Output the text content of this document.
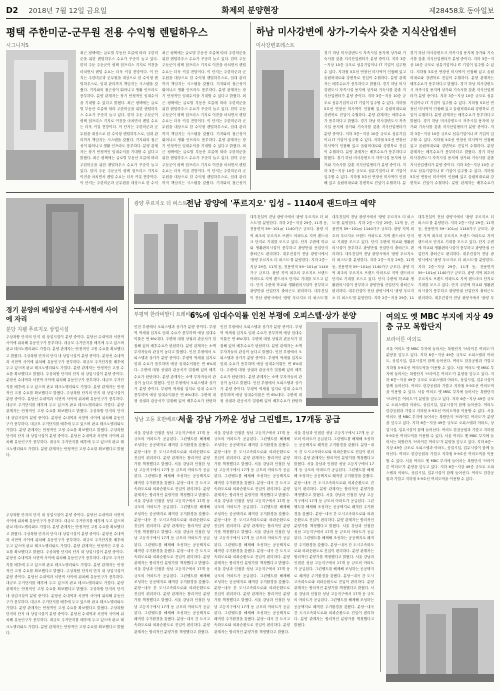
D2 2018년 7월 12일 금요일	화제의 분양현장	제28458호 동아일보
평택 주한미군-군무원 전용 수익형 렌털하우스
시그니처S
최근 평택에는 글로벌 부동산 흐름에 따라 주한미군을 위한 렌털하우스 수요가 꾸준히 늘고 있다. 한미 주둔 주둔군이 평택 험프리스 기지로 이전을 마치면서 렌털 수요는 더욱 커질 전망이다. 이 단지는 주한미군과 군무원을 대상으로 한 수익형 렌털하우스로, 임대 관리까지 책임지는 시스템을 갖췄다. 기지와의 접근성이 뛰어나고 생활 인프라도 풍부하다. 분양 관계자는 장기 안정적인 임대수익을 기대할 수 있다고 밝혔다. 최근 평택에는 글로벌 부동산 흐름에 따라 주한미군을 위한 렌털하우스 수요가 꾸준히 늘고 있다. 한미 주둔 주둔군이 평택 험프리스 기지로 이전을 마치면서 렌털 수요는 더욱 커질 전망이다. 이 단지는 주한미군과 군무원을 대상으로 한 수익형 렌털하우스로, 임대 관리까지 책임지는 시스템을 갖췄다. 기지와의 접근성이 뛰어나고 생활 인프라도 풍부하다. 분양 관계자는 장기 안정적인 임대수익을 기대할 수 있다고 밝혔다. 최근 평택에는 글로벌 부동산 흐름에 따라 주한미군을 위한 렌털하우스 수요가 꾸준히 늘고 있다. 한미 주둔 주둔군이 평택 험프리스 기지로 이전을 마치면서 렌털 수요는 더욱 커질 전망이다. 이 단지는 주한미군과 군무원을 대상으로 한 수익
최근 평택에는 글로벌 부동산 흐름에 따라 주한미군을 위한 렌털하우스 수요가 꾸준히 늘고 있다. 한미 주둔 주둔군이 평택 험프리스 기지로 이전을 마치면서 렌털 수요는 더욱 커질 전망이다. 이 단지는 주한미군과 군무원을 대상으로 한 수익형 렌털하우스로, 임대 관리까지 책임지는 시스템을 갖췄다. 기지와의 접근성이 뛰어나고 생활 인프라도 풍부하다. 분양 관계자는 장기 안정적인 임대수익을 기대할 수 있다고 밝혔다. 최근 평택에는 글로벌 부동산 흐름에 따라 주한미군을 위한 렌털하우스 수요가 꾸준히 늘고 있다. 한미 주둔 주둔군이 평택 험프리스 기지로 이전을 마치면서 렌털 수요는 더욱 커질 전망이다. 이 단지는 주한미군과 군무원을 대상으로 한 수익형 렌털하우스로, 임대 관리까지 책임지는 시스템을 갖췄다. 기지와의 접근성이 뛰어나고 생활 인프라도 풍부하다. 분양 관계자는 장기 안정적인 임대수익을 기대할 수 있다고 밝혔다. 최근 평택에는 글로벌 부동산 흐름에 따라 주한미군을 위한 렌털하우스 수요가 꾸준히 늘고 있다. 한미 주둔 주둔군이 평택 험프리스 기지로 이전을 마치면서 렌털 수요는 더욱 커질 전망이다. 이 단지는 주한미군과 군무원을 대상으로 한 수익형 렌털하우스로, 임대 관리까지 책임지는 시스템을 갖췄다. 기지와의 접근성이
하남 미사강변에 상가-기숙사 갖춘 지식산업센터
미사강변포레스트
경기 하남 미사강변도시 자족시설 용지에 상가와 기숙사를 갖춘 지식산업센터가 분양 중이다. 지하 3층~지상 10층 규모로 섬유기업이나 IT 기업이 입주할 수 있다. 지하철 5호선 연장선 미사역이 인접해 있고 올림픽대로와 강변북로 진입이 수월하다. 분양 관계자는 배후수요가 풍부하다고 밝혔다. 경기 하남 미사강변도시 자족시설 용지에 상가와 기숙사를 갖춘 지식산업센터가 분양 중이다. 지하 3층~지상 10층 규모로 섬유기업이나 IT 기업이 입주할 수 있다. 지하철 5호선 연장선 미사역이 인접해 있고 올림픽대로와 강변북로 진입이 수월하다. 분양 관계자는 배후수요가 풍부하다고 밝혔다. 경기 하남 미사강변도시 자족시설 용지에 상가와 기숙사를 갖춘 지식산업센터가 분양 중이다. 지하 3층~지상 10층 규모로 섬유기업이나 IT 기업이 입주할 수 있다. 지하철 5호선 연장선 미사역이 인접해 있고 올림픽대로와 강변북로 진입이 수월하다. 분양 관계자는 배후수요가 풍부하다고 밝혔다. 경기 하남 미사강변도시 자족시설 용지에 상가와 기숙사를 갖춘 지식산업센터가 분양 중이다. 지하 3층~지상 10층 규모로 섬유기업이나 IT 기업이 입주할 수 있다. 지하철 5호선 연장선 미사역이 인접해 있고 올림픽대로와 강변북로 진입이 수월하다. 분
경기 하남 미사강변도시 자족시설 용지에 상가와 기숙사를 갖춘 지식산업센터가 분양 중이다. 지하 3층~지상 10층 규모로 섬유기업이나 IT 기업이 입주할 수 있다. 지하철 5호선 연장선 미사역이 인접해 있고 올림픽대로와 강변북로 진입이 수월하다. 분양 관계자는 배후수요가 풍부하다고 밝혔다. 경기 하남 미사강변도시 자족시설 용지에 상가와 기숙사를 갖춘 지식산업센터가 분양 중이다. 지하 3층~지상 10층 규모로 섬유기업이나 IT 기업이 입주할 수 있다. 지하철 5호선 연장선 미사역이 인접해 있고 올림픽대로와 강변북로 진입이 수월하다. 분양 관계자는 배후수요가 풍부하다고 밝혔다. 경기 하남 미사강변도시 자족시설 용지에 상가와 기숙사를 갖춘 지식산업센터가 분양 중이다. 지하 3층~지상 10층 규모로 섬유기업이나 IT 기업이 입주할 수 있다. 지하철 5호선 연장선 미사역이 인접해 있고 올림픽대로와 강변북로 진입이 수월하다. 분양 관계자는 배후수요가 풍부하다고 밝혔다. 경기 하남 미사강변도시 자족시설 용지에 상가와 기숙사를 갖춘 지식산업센터가 분양 중이다. 지하 3층~지상 10층 규모로 섬유기업이나 IT 기업이 입주할 수 있다. 지하철 5호선 연장선 미사역이 인접해 있고 올림픽대로와 강변북로 진입이 수월하다. 분양 관계자는 배후수요가
경기 분양의 베일상권 수내·서현에 사이에 자리
분당 지웰 푸르지오 상업시설
주상복합 단지의 단지 내 상업시설이 분양 중이다. 분당선 수내역과 서현역 사이에 위치해 유동인구가 풍부하다. 대규모 주거단지를 배후에 두고 있으며 판교 테크노밸리와도 가깝다. 분양 관계자는 안정적인 고정 수요를 확보했다고 밝혔다. 주상복합 단지의 단지 내 상업시설이 분양 중이다. 분당선 수내역과 서현역 사이에 위치해 유동인구가 풍부하다. 대규모 주거단지를 배후에 두고 있으며 판교 테크노밸리와도 가깝다. 분양 관계자는 안정적인 고정 수요를 확보했다고 밝혔다. 주상복합 단지의 단지 내 상업시설이 분양 중이다. 분당선 수내역과 서현역 사이에 위치해 유동인구가 풍부하다. 대규모 주거단지를 배후에 두고 있으며 판교 테크노밸리와도 가깝다. 분양 관계자는 안정적인 고정 수요를 확보했다고 밝혔다. 주상복합 단지의 단지 내 상업시설이 분양 중이다. 분당선 수내역과 서현역 사이에 위치해 유동인구가 풍부하다. 대규모 주거단지를 배후에 두고 있으며 판교 테크노밸리와도 가깝다. 분양 관계자는 안정적인 고정 수요를 확보했다고 밝혔다. 주상복합 단지의 단지 내 상업시설이 분양 중이다. 분당선 수내역과 서현역 사이에 위치해 유동인구가 풍부하다. 대규모 주거단지를 배후에 두고 있으며 판교 테크노밸리와도 가깝다. 분양 관계자는 안정적인 고정 수요를 확보했다고 밝혔다. 주상복합 단지의 단지 내 상업시설이 분양 중이다. 분당선 수내역과 서현역 사이에 위치해 유동인구가 풍부하다. 대규모 주거단지를 배후에 두고 있으며 판교 테크노밸리와도 가깝다. 분양 관계자는 안정적인 고정 수요를 확보했다고 밝혔다.
광양 푸르지오 더 퍼스트
전남 광양에 '푸르지오' 입성 – 1140세 랜드마크 예약
대우건설이 전남 광양시에서 '광양 푸르지오 더 퍼스트'를 분양한다. 지하 2층~지상 29층, 11개 동, 전용면적 59~101㎡ 1140가구 규모다. 광양 지역 최초의 푸르지오 브랜드 아파트로 지역 랜드마크 단지로 기대를 모으고 있다. 단지 주변에 학교와 생활편의시설이 풍부하고 광양만권 산업단지 출퇴근도 편리하다. 대우건설이 전남 광양시에서 '광양 푸르지오 더 퍼스트'를 분양한다. 지하 2층~지상 29층, 11개 동, 전용면적 59~101㎡ 1140가구 규모다. 광양 지역 최초의 푸르지오 브랜드 아파트로 지역 랜드마크 단지로 기대를 모으고 있다. 단지 주변에 학교와 생활편의시설이 풍부하고 광양만권 산업단지 출퇴근도 편리하다. 대우건설이 전남 광양시에서 '광양 푸르지오 더 퍼스트'를
대우건설이 전남 광양시에서 '광양 푸르지오 더 퍼스트'를 분양한다. 지하 2층~지상 29층, 11개 동, 전용면적 59~101㎡ 1140가구 규모다. 광양 지역 최초의 푸르지오 브랜드 아파트로 지역 랜드마크 단지로 기대를 모으고 있다. 단지 주변에 학교와 생활편의시설이 풍부하고 광양만권 산업단지 출퇴근도 편리하다. 대우건설이 전남 광양시에서 '광양 푸르지오 더 퍼스트'를 분양한다. 지하 2층~지상 29층, 11개 동, 전용면적 59~101㎡ 1140가구 규모다. 광양 지역 최초의 푸르지오 브랜드 아파트로 지역 랜드마크 단지로 기대를 모으고 있다. 단지 주변에 학교와 생활편의시설이 풍부하고 광양만권 산업단지 출퇴근도 편리하다. 대우건설이 전남 광양시에서 '광양 푸르지오 더 퍼스트'를 분양한다. 지하 2층~지상 29층, 11
대우건설이 전남 광양시에서 '광양 푸르지오 더 퍼스트'를 분양한다. 지하 2층~지상 29층, 11개 동, 전용면적 59~101㎡ 1140가구 규모다. 광양 지역 최초의 푸르지오 브랜드 아파트로 지역 랜드마크 단지로 기대를 모으고 있다. 단지 주변에 학교와 생활편의시설이 풍부하고 광양만권 산업단지 출퇴근도 편리하다. 대우건설이 전남 광양시에서 '광양 푸르지오 더 퍼스트'를 분양한다. 지하 2층~지상 29층, 11개 동, 전용면적 59~101㎡ 1140가구 규모다. 광양 지역 최초의 푸르지오 브랜드 아파트로 지역 랜드마크 단지로 기대를 모으고 있다. 단지 주변에 학교와 생활편의시설이 풍부하고 광양만권 산업단지 출퇴근도 편리하다. 대우건설이 전남 광양시에서 '광양 푸
부평역 한라비발디 트레비앙
6%에 임대수익률 인천 부평에 오피스텔·상가 분양
인천 부평에서 오피스텔과 상가가 분양 중이다. 부평역 역세권 입지로 임대 수요가 풍부하며 예상 임대수익률은 연 6%대다. 주변에 대형 상권과 관공서가 밀집해 있어 배후수요가 탄탄하다. 분양 관계자는 소액 투자자들의 관심이 높다고 밝혔다. 인천 부평에서 오피스텔과 상가가 분양 중이다. 부평역 역세권 입지로 임대 수요가 풍부하며 예상 임대수익률은 연 6%대다. 주변에 대형 상권과 관공서가 밀집해 있어 배후수요가 탄탄하다. 분양 관계자는 소액 투자자들의 관심이 높다고 밝혔다. 인천 부평에서 오피스텔과 상가가 분양 중이다. 부평역 역세권 입지로 임대 수요가 풍부하며 예상 임대수익률은 연 6%대다. 주변에 대형 상권과 관공서가 밀집해 있어 배후수요가 탄탄하
인천 부평에서 오피스텔과 상가가 분양 중이다. 부평역 역세권 입지로 임대 수요가 풍부하며 예상 임대수익률은 연 6%대다. 주변에 대형 상권과 관공서가 밀집해 있어 배후수요가 탄탄하다. 분양 관계자는 소액 투자자들의 관심이 높다고 밝혔다. 인천 부평에서 오피스텔과 상가가 분양 중이다. 부평역 역세권 입지로 임대 수요가 풍부하며 예상 임대수익률은 연 6%대다. 주변에 대형 상권과 관공서가 밀집해 있어 배후수요가 탄탄하다. 분양 관계자는 소액 투자자들의 관심이 높다고 밝혔다. 인천 부평에서 오피스텔과 상가가 분양 중이다. 부평역 역세권 입지로 임대 수요가 풍부하며 예상 임대수익률은 연 6%대다. 주변에 대형 상권과 관공서가 밀집해 있어 배후수요가 탄탄하
여의도 옛 MBC 부지에 지상 49층 규모 복합단지
브라이튼 여의도
서울 여의도 옛 MBC 부지에 들어서는 복합단지 '브라이튼 여의도'가 분양을 앞두고 있다. 지하 6층~지상 49층 규모로 오피스텔과 아파트, 상업시설, 업무시설이 함께 들어선다. 여의도 한강공원과 가깝고 지하철 5·9호선 여의도역을 이용할 수 있다. 서울 여의도 옛 MBC 부지에 들어서는 복합단지 '브라이튼 여의도'가 분양을 앞두고 있다. 지하 6층~지상 49층 규모로 오피스텔과 아파트, 상업시설, 업무시설이 함께 들어선다. 여의도 한강공원과 가깝고 지하철 5·9호선 여의도역을 이용할 수 있다. 서울 여의도 옛 MBC 부지에 들어서는 복합단지 '브라이튼 여의도'가 분양을 앞두고 있다. 지하 6층~지상 49층 규모로 오피스텔과 아파트, 상업시설, 업무시설이 함께 들어선다. 여의도 한강공원과 가깝고 지하철 5·9호선 여의도역을 이용할 수 있다. 서울 여의도 옛 MBC 부지에 들어서는 복합단지 '브라이튼 여의도'가 분양을 앞두고 있다. 지하 6층~지상 49층 규모로 오피스텔과 아파트, 상업시설, 업무시설이 함께 들어선다. 여의도 한강공원과 가깝고 지하철 5·9호선 여의도역을 이용할 수 있다. 서울 여의도 옛 MBC 부지에 들어서는 복합단지 '브라이튼 여의도'가 분양을 앞두고 있다. 지하 6층~지상 49층 규모로 오피스텔과 아파트, 상업시설, 업무시설이 함께 들어선다. 여의도 한강공원과 가깝고 지하철 5·9호선 여의도역을 이용할 수 있다. 서울 여의도 옛 MBC 부지에 들어서는 복합단지 '브라이튼 여의도'가 분양을 앞두고 있다. 지하 6층~지상 49층 규모로 오피스텔과 아파트, 상업시설, 업무시설이 함께 들어선다. 여의도 한강공원과 가깝고 지하철 5·9호선 여의도역을 이용할 수 있다.
성남 고등 호반베르디움
서울 강남 가까운 성남 그린벨트, 17개동 공급
서울 강남과 인접한 성남 고등지구에서 17개 동 규모의 아파트가 공급된다. 그린벨트를 해제해 조성하는 공공택지로 쾌적한 주거환경을 갖췄다. 분당~내곡 간 도시고속화도로와 외곽순환도로 진입이 편리하다. 분양 관계자는 합리적인 분양가를 책정했다고 밝혔다. 서울 강남과 인접한 성남 고등지구에서 17개 동 규모의 아파트가 공급된다. 그린벨트를 해제해 조성하는 공공택지로 쾌적한 주거환경을 갖췄다. 분당~내곡 간 도시고속화도로와 외곽순환도로 진입이 편리하다. 분양 관계자는 합리적인 분양가를 책정했다고 밝혔다. 서울 강남과 인접한 성남 고등지구에서 17개 동 규모의 아파트가 공급된다. 그린벨트를 해제해 조성하는 공공택지로 쾌적한 주거환경을 갖췄다. 분당~내곡 간 도시고속화도로와 외곽순환도로 진입이 편리하다. 분양 관계자는 합리적인 분양가를 책정했다고 밝혔다. 서울 강남과 인접한 성남 고등지구에서 17개 동 규모의 아파트가 공급된다. 그린벨트를 해제해 조성하는 공공택지로 쾌적한 주거환경을 갖췄다. 분당~내곡 간 도시고속화도로와 외곽순환도로 진입이 편리하다. 분양 관계자는 합리적인 분양가를 책정했다고 밝혔다. 서울 강남과 인접한 성남 고등지구에서 17개 동 규모의 아파트가 공급된다. 그린벨트를 해제해 조성하는 공공택지로 쾌적한 주거환경을 갖췄다. 분당~내곡 간 도시고속화도로와 외곽순환도로 진입이 편리하다. 분양 관계자는 합리적인 분양가를 책정했다고 밝혔다. 서울 강남과 인접한 성남 고등지구에서 17개 동 규모의 아파트가 공급된다. 그린벨트를 해제해 조성하는 공공택지로 쾌적한 주거환경을 갖췄다. 분당~내곡 간 도시고속화도로와 외곽순환도로 진입이 편리하다. 분양 관계자는 합리적인 분양가를 책정했다고 밝혔다.
서울 강남과 인접한 성남 고등지구에서 17개 동 규모의 아파트가 공급된다. 그린벨트를 해제해 조성하는 공공택지로 쾌적한 주거환경을 갖췄다. 분당~내곡 간 도시고속화도로와 외곽순환도로 진입이 편리하다. 분양 관계자는 합리적인 분양가를 책정했다고 밝혔다. 서울 강남과 인접한 성남 고등지구에서 17개 동 규모의 아파트가 공급된다. 그린벨트를 해제해 조성하는 공공택지로 쾌적한 주거환경을 갖췄다. 분당~내곡 간 도시고속화도로와 외곽순환도로 진입이 편리하다. 분양 관계자는 합리적인 분양가를 책정했다고 밝혔다. 서울 강남과 인접한 성남 고등지구에서 17개 동 규모의 아파트가 공급된다. 그린벨트를 해제해 조성하는 공공택지로 쾌적한 주거환경을 갖췄다. 분당~내곡 간 도시고속화도로와 외곽순환도로 진입이 편리하다. 분양 관계자는 합리적인 분양가를 책정했다고 밝혔다. 서울 강남과 인접한 성남 고등지구에서 17개 동 규모의 아파트가 공급된다. 그린벨트를 해제해 조성하는 공공택지로 쾌적한 주거환경을 갖췄다. 분당~내곡 간 도시고속화도로와 외곽순환도로 진입이 편리하다. 분양 관계자는 합리적인 분양가를 책정했다고 밝혔다. 서울 강남과 인접한 성남 고등지구에서 17개 동 규모의 아파트가 공급된다. 그린벨트를 해제해 조성하는 공공택지로 쾌적한 주거환경을 갖췄다. 분당~내곡 간 도시고속화도로와 외곽순환도로 진입이 편리하다. 분양 관계자는 합리적인 분양가를 책정했다고 밝혔다. 서울 강남과 인접한 성남 고등지구에서 17개 동 규모의 아파트가 공급된다. 그린벨트를 해제해 조성하는 공공택지로 쾌적한 주거환경을 갖췄다. 분당~내곡 간 도시고속화도로와 외곽순환도로 진입이 편리하다. 분양 관계자는 합리적인 분양가를 책정했다고 밝혔다.
서울 강남과 인접한 성남 고등지구에서 17개 동 규모의 아파트가 공급된다. 그린벨트를 해제해 조성하는 공공택지로 쾌적한 주거환경을 갖췄다. 분당~내곡 간 도시고속화도로와 외곽순환도로 진입이 편리하다. 분양 관계자는 합리적인 분양가를 책정했다고 밝혔다. 서울 강남과 인접한 성남 고등지구에서 17개 동 규모의 아파트가 공급된다. 그린벨트를 해제해 조성하는 공공택지로 쾌적한 주거환경을 갖췄다. 분당~내곡 간 도시고속화도로와 외곽순환도로 진입이 편리하다. 분양 관계자는 합리적인 분양가를 책정했다고 밝혔다. 서울 강남과 인접한 성남 고등지구에서 17개 동 규모의 아파트가 공급된다. 그린벨트를 해제해 조성하는 공공택지로 쾌적한 주거환경을 갖췄다. 분당~내곡 간 도시고속화도로와 외곽순환도로 진입이 편리하다. 분양 관계자는 합리적인 분양가를 책정했다고 밝혔다. 서울 강남과 인접한 성남 고등지구에서 17개 동 규모의 아파트가 공급된다. 그린벨트를 해제해 조성하는 공공택지로 쾌적한 주거환경을 갖췄다. 분당~내곡 간 도시고속화도로와 외곽순환도로 진입이 편리하다. 분양 관계자는 합리적인 분양가를 책정했다고 밝혔다. 서울 강남과 인접한 성남 고등지구에서 17개 동 규모의 아파트가 공급된다. 그린벨트를 해제해 조성하는 공공택지로 쾌적한 주거환경을 갖췄다. 분당~내곡 간 도시고속화도로와 외곽순환도로 진입이 편리하다. 분양 관계자는 합리적인 분양가를 책정했다고 밝혔다. 서울 강남과 인접한 성남 고등지구에서 17개 동 규모의 아파트가 공급된다. 그린벨트를 해제해 조성하는 공공택지로 쾌적한 주거환경을 갖췄다. 분당~내곡 간 도시고속화도로와 외곽순환도로 진입이 편리하다. 분양 관계자는 합리적인 분양가를 책정했다고 밝혔다.
주상복합 단지의 단지 내 상업시설이 분양 중이다. 분당선 수내역과 서현역 사이에 위치해 유동인구가 풍부하다. 대규모 주거단지를 배후에 두고 있으며 판교 테크노밸리와도 가깝다. 분양 관계자는 안정적인 고정 수요를 확보했다고 밝혔다. 주상복합 단지의 단지 내 상업시설이 분양 중이다. 분당선 수내역과 서현역 사이에 위치해 유동인구가 풍부하다. 대규모 주거단지를 배후에 두고 있으며 판교 테크노밸리와도 가깝다. 분양 관계자는 안정적인 고정 수요를 확보했다고 밝혔다. 주상복합 단지의 단지 내 상업시설이 분양 중이다. 분당선 수내역과 서현역 사이에 위치해 유동인구가 풍부하다. 대규모 주거단지를 배후에 두고 있으며 판교 테크노밸리와도 가깝다. 분양 관계자는 안정적인 고정 수요를 확보했다고 밝혔다. 주상복합 단지의 단지 내 상업시설이 분양 중이다. 분당선 수내역과 서현역 사이에 위치해 유동인구가 풍부하다. 대규모 주거단지를 배후에 두고 있으며 판교 테크노밸리와도 가깝다. 분양 관계자는 안정적인 고정 수요를 확보했다고 밝혔다. 주상복합 단지의 단지 내 상업시설이 분양 중이다. 분당선 수내역과 서현역 사이에 위치해 유동인구가 풍부하다. 대규모 주거단지를 배후에 두고 있으며 판교 테크노밸리와도 가깝다. 분양 관계자는 안정적인 고정 수요를 확보했다고 밝혔다. 주상복합 단지의 단지 내 상업시설이 분양 중이다. 분당선 수내역과 서현역 사이에 위치해 유동인구가 풍부하다. 대규모 주거단지를 배후에 두고 있으며 판교 테크노밸리와도 가깝다. 분양 관계자는 안정적인 고정 수요를 확보했다고 밝혔다.
